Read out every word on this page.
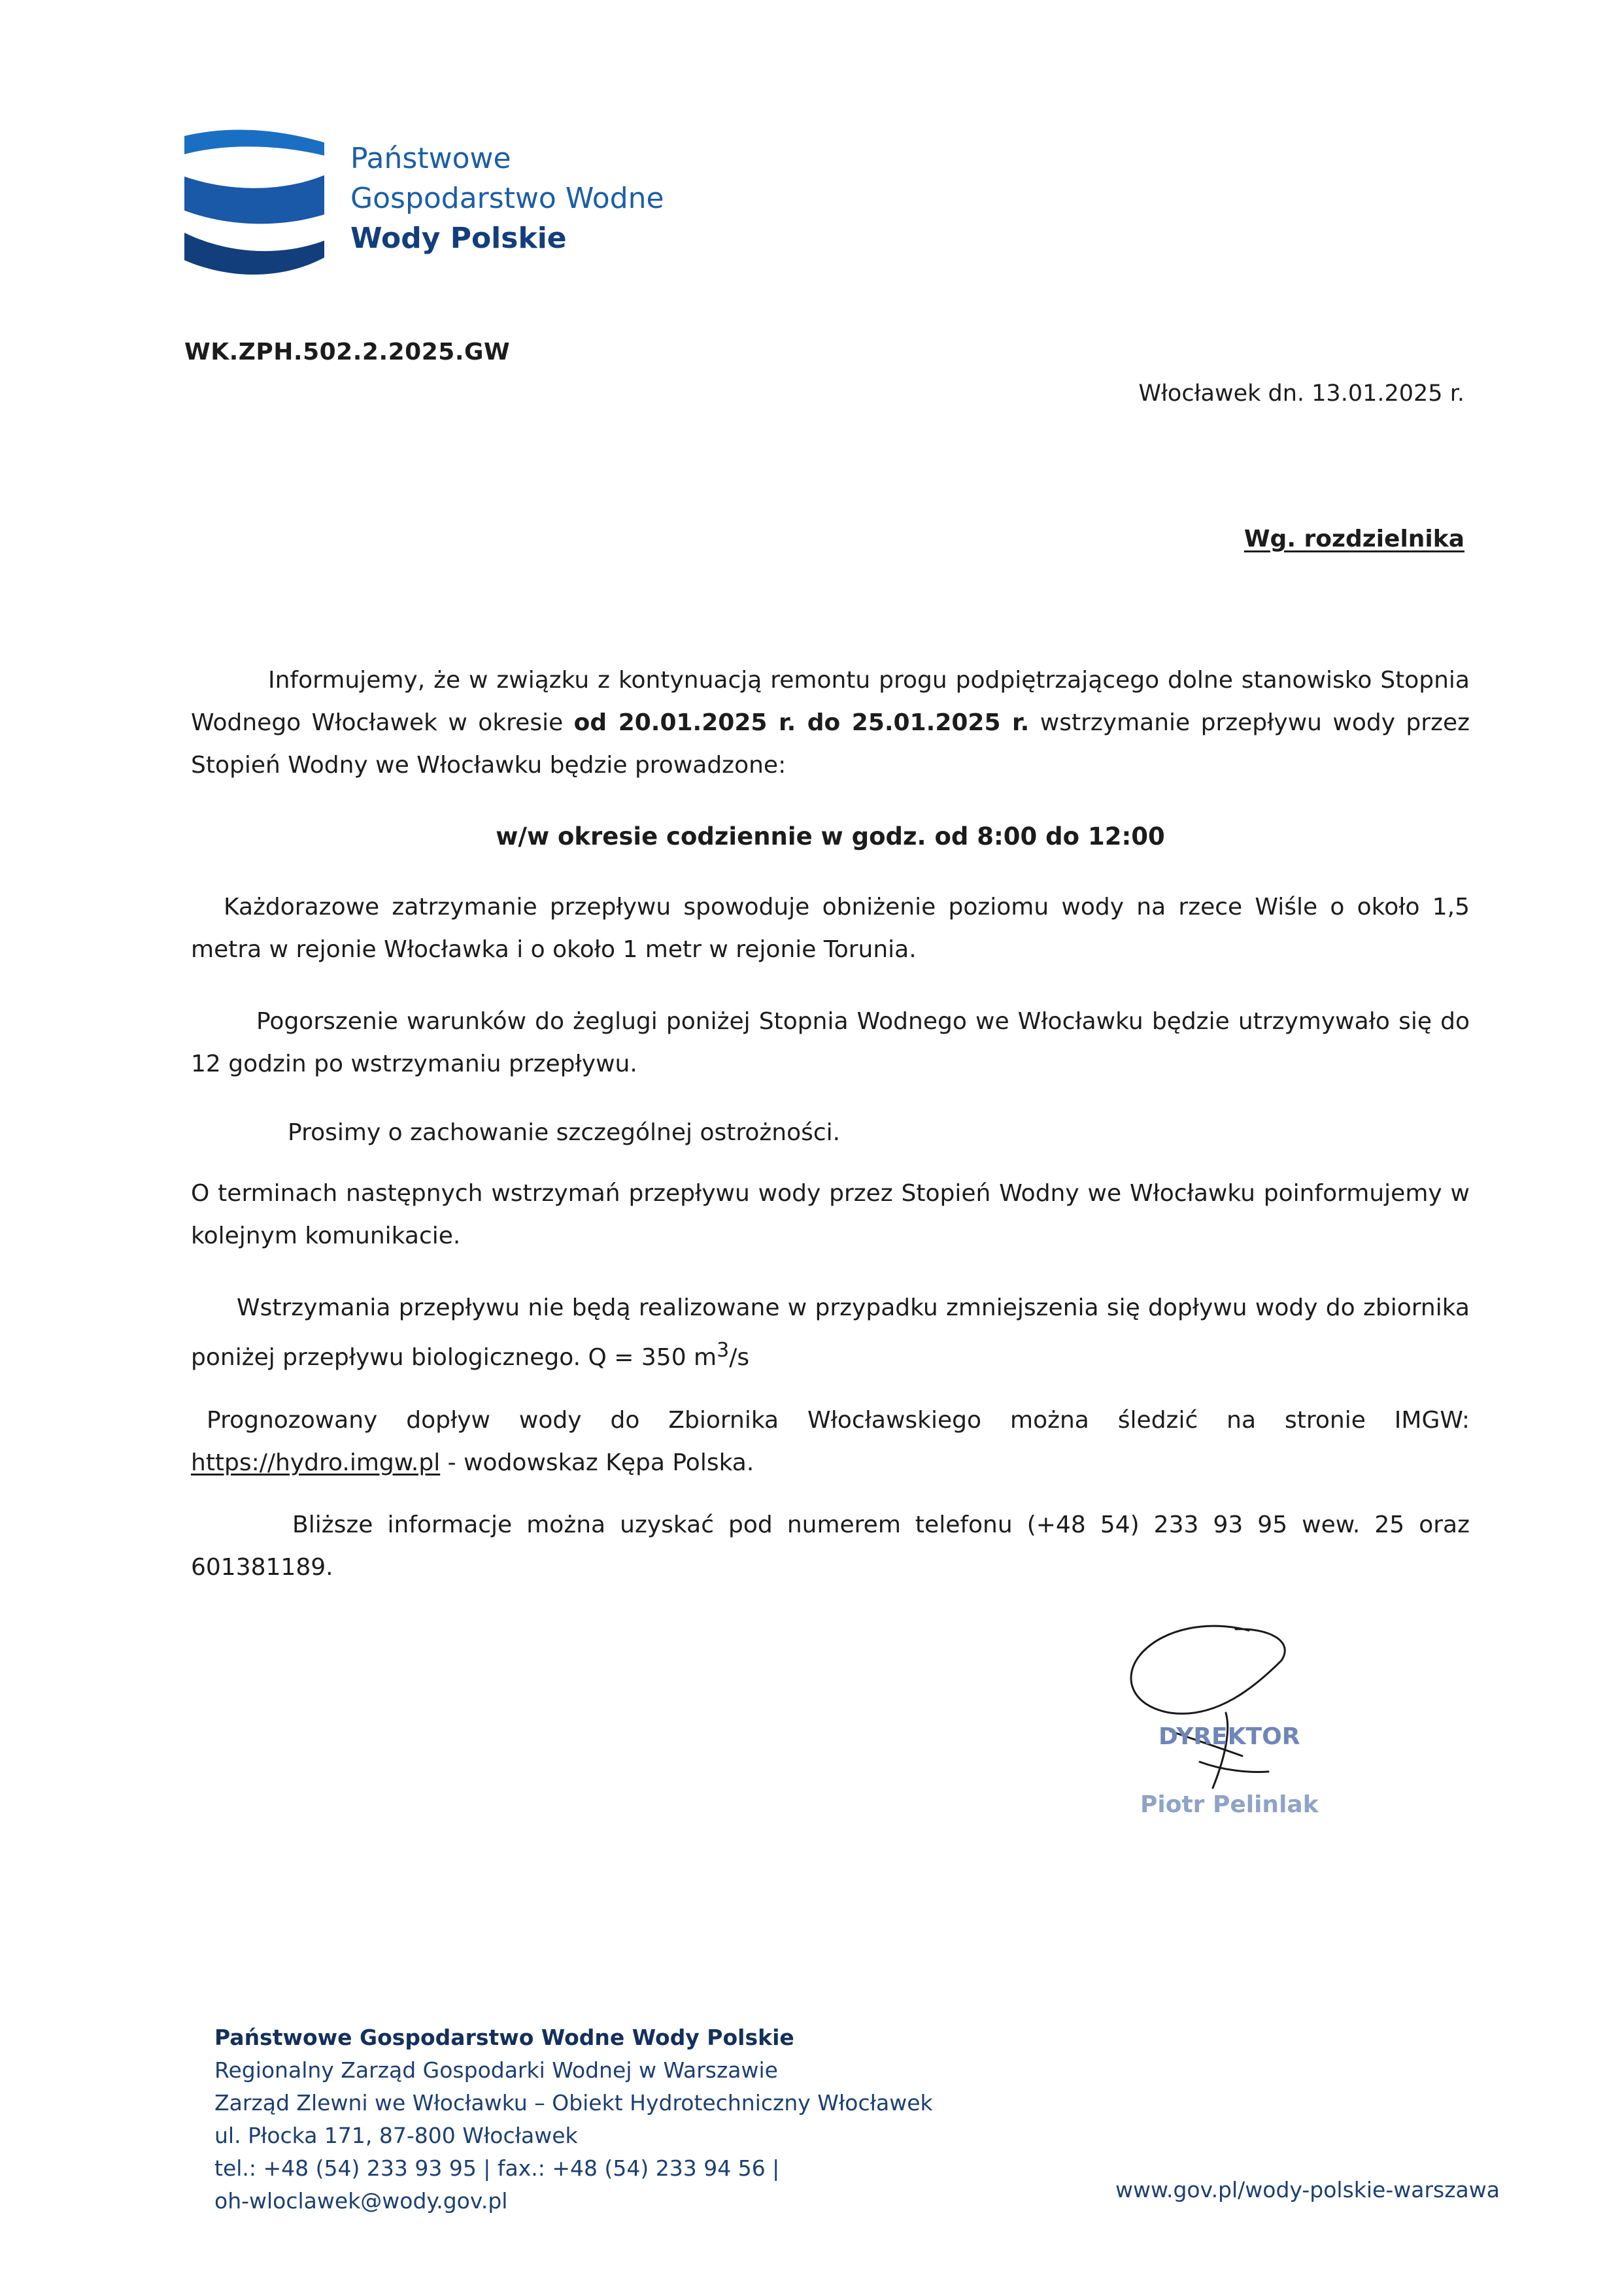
Państwowe
Gospodarstwo Wodne
Wody Polskie
WK.ZPH.502.2.2025.GW
Włocławek dn. 13.01.2025 r.
Wg. rozdzielnika
Informujemy, że w związku z kontynuacją remontu progu podpiętrzającego dolne stanowisko Stopnia Wodnego Włocławek w okresie od 20.01.2025 r. do 25.01.2025 r. wstrzymanie przepływu wody przez Stopień Wodny we Włocławku będzie prowadzone:
w/w okresie codziennie w godz. od 8:00 do 12:00
Każdorazowe zatrzymanie przepływu spowoduje obniżenie poziomu wody na rzece Wiśle o około 1,5 metra w rejonie Włocławka i o około 1 metr w rejonie Torunia.
Pogorszenie warunków do żeglugi poniżej Stopnia Wodnego we Włocławku będzie utrzymywało się do 12 godzin po wstrzymaniu przepływu.
Prosimy o zachowanie szczególnej ostrożności.
O terminach następnych wstrzymań przepływu wody przez Stopień Wodny we Włocławku poinformujemy w kolejnym komunikacie.
Wstrzymania przepływu nie będą realizowane w przypadku zmniejszenia się dopływu wody do zbiornika poniżej przepływu biologicznego. Q = 350 $m^3/s$
Prognozowany dopływ wody do Zbiornika Włocławskiego można śledzić na stronie IMGW: https://hydro.imgw.pl - wodowskaz Kępa Polska.
Bliższe informacje można uzyskać pod numerem telefonu (+48 54) 233 93 95 wew. 25 oraz 601381189.
DYREKTOR
Piotr Pelinlak
Państwowe Gospodarstwo Wodne Wody Polskie
Regionalny Zarząd Gospodarki Wodnej w Warszawie
Zarząd Zlewni we Włocławku – Obiekt Hydrotechniczny Włocławek
ul. Płocka 171, 87-800 Włocławek
tel.: +48 (54) 233 93 95 | fax.: +48 (54) 233 94 56 |
oh-wloclawek@wody.gov.pl	www.gov.pl/wody-polskie-warszawa
